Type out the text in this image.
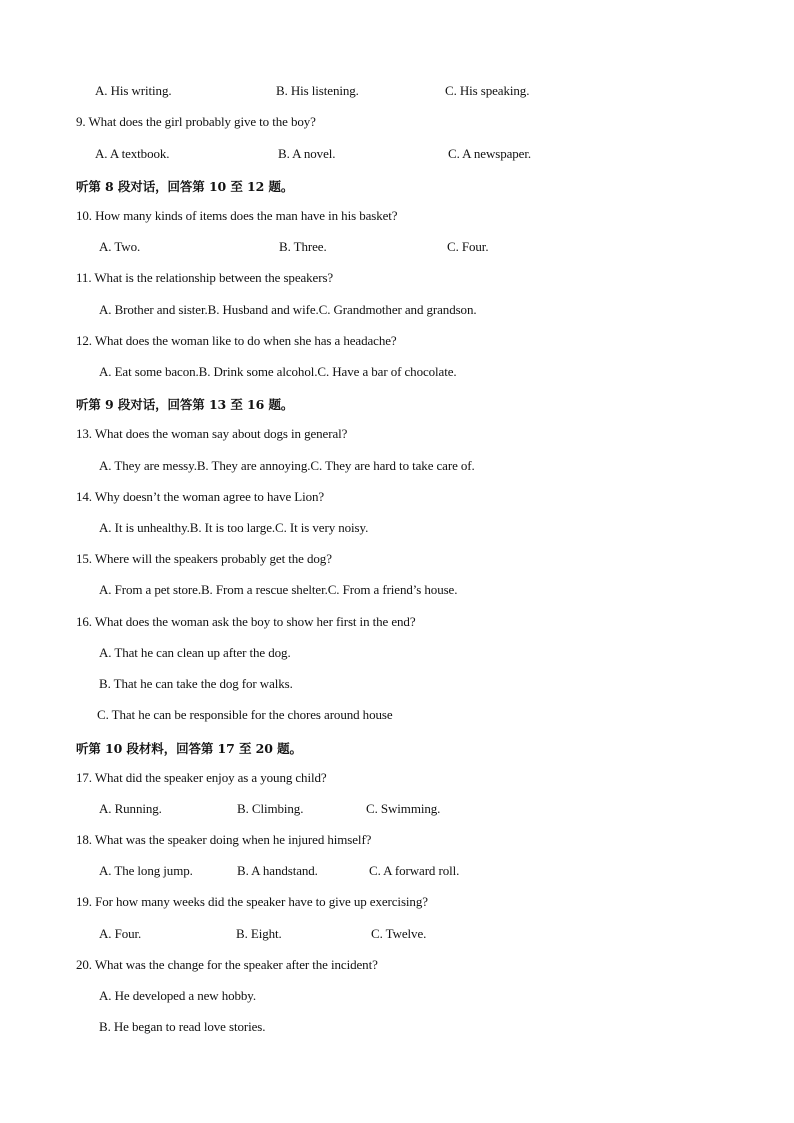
A. His writing.	B. His listening.	C. His speaking.
9. What does the girl probably give to the boy?
A. A textbook.	B. A novel.	C. A newspaper.
听第 8 段对话，回答第 10 至 12 题。
10. How many kinds of items does the man have in his basket?
A. Two.	B. Three.	C. Four.
11. What is the relationship between the speakers?
A. Brother and sister.B. Husband and wife.C. Grandmother and grandson.
12. What does the woman like to do when she has a headache?
A. Eat some bacon.B. Drink some alcohol.C. Have a bar of chocolate.
听第 9 段对话，回答第 13 至 16 题。
13. What does the woman say about dogs in general?
A. They are messy.B. They are annoying.C. They are hard to take care of.
14. Why doesn’t the woman agree to have Lion?
A. It is unhealthy.B. It is too large.C. It is very noisy.
15. Where will the speakers probably get the dog?
A. From a pet store.B. From a rescue shelter.C. From a friend’s house.
16. What does the woman ask the boy to show her first in the end?
A. That he can clean up after the dog.
B. That he can take the dog for walks.
C. That he can be responsible for the chores around house
听第 10 段材料，回答第 17 至 20 题。
17. What did the speaker enjoy as a young child?
A. Running.	B. Climbing.	C. Swimming.
18. What was the speaker doing when he injured himself?
A. The long jump.	B. A handstand.	C. A forward roll.
19. For how many weeks did the speaker have to give up exercising?
A. Four.	B. Eight.	C. Twelve.
20. What was the change for the speaker after the incident?
A. He developed a new hobby.
B. He began to read love stories.
